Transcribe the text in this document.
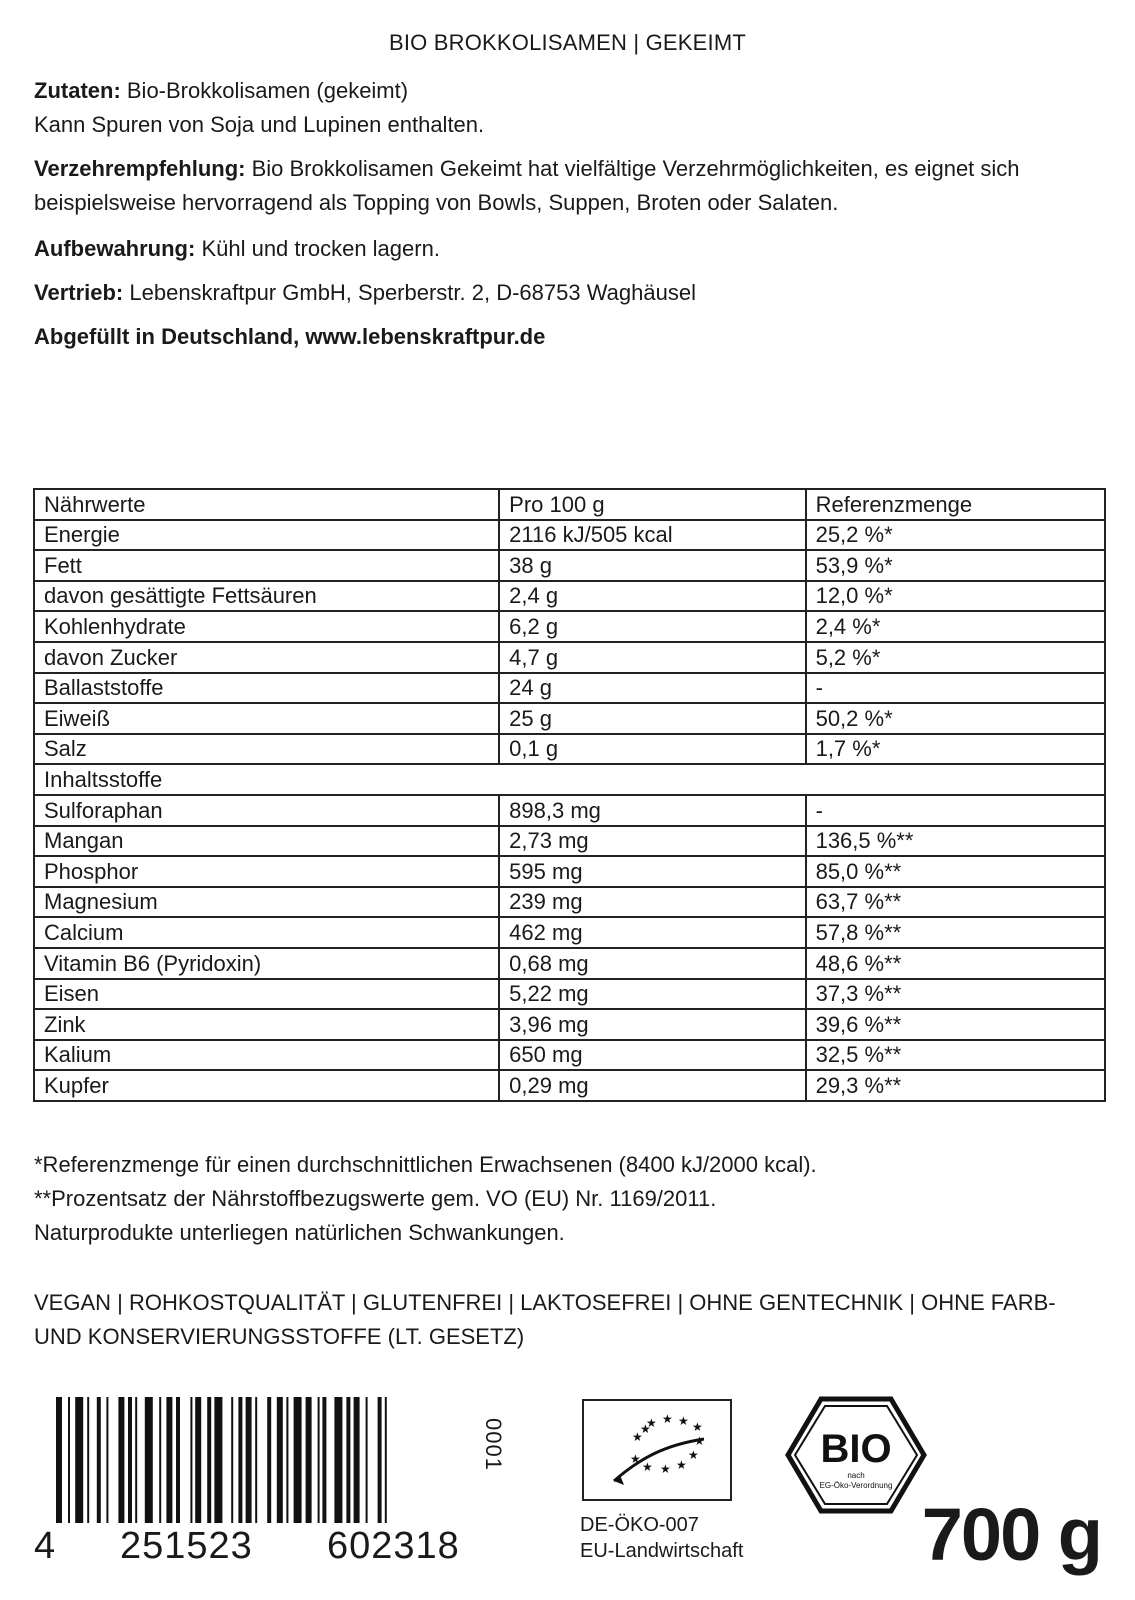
BIO BROKKOLISAMEN | GEKEIMT
Zutaten: Bio-Brokkolisamen (gekeimt)
Kann Spuren von Soja und Lupinen enthalten.
Verzehrempfehlung: Bio Brokkolisamen Gekeimt hat vielfältige Verzehrmöglichkeiten, es eignet sich beispielsweise hervorragend als Topping von Bowls, Suppen, Broten oder Salaten.
Aufbewahrung: Kühl und trocken lagern.
Vertrieb: Lebenskraftpur GmbH, Sperberstr. 2, D-68753 Waghäusel
Abgefüllt in Deutschland, www.lebenskraftpur.de
Nährwerte	Pro 100 g	Referenzmenge
Energie	2116 kJ/505 kcal	25,2 %*
Fett	38 g	53,9 %*
davon gesättigte Fettsäuren	2,4 g	12,0 %*
Kohlenhydrate	6,2 g	2,4 %*
davon Zucker	4,7 g	5,2 %*
Ballaststoffe	24 g	-
Eiweiß	25 g	50,2 %*
Salz	0,1 g	1,7 %*
Inhaltsstoffe		
Sulforaphan	898,3 mg	-
Mangan	2,73 mg	136,5 %**
Phosphor	595 mg	85,0 %**
Magnesium	239 mg	63,7 %**
Calcium	462 mg	57,8 %**
Vitamin B6 (Pyridoxin)	0,68 mg	48,6 %**
Eisen	5,22 mg	37,3 %**
Zink	3,96 mg	39,6 %**
Kalium	650 mg	32,5 %**
Kupfer	0,29 mg	29,3 %**
*Referenzmenge für einen durchschnittlichen Erwachsenen (8400 kJ/2000 kcal).
**Prozentsatz der Nährstoffbezugswerte gem. VO (EU) Nr. 1169/2011.
Naturprodukte unterliegen natürlichen Schwankungen.
VEGAN | ROHKOSTQUALITÄT | GLUTENFREI | LAKTOSEFREI | OHNE GENTECHNIK | OHNE FARB- UND KONSERVIERUNGSSTOFFE (LT. GESETZ)
4 251523 602318
0001	★ ★ ★ ★
★
★
★
★
★
★
★
★
DE-ÖKO-007
EU-Landwirtschaft
BIO
nach
EG-Öko-Verordnung
700 g
